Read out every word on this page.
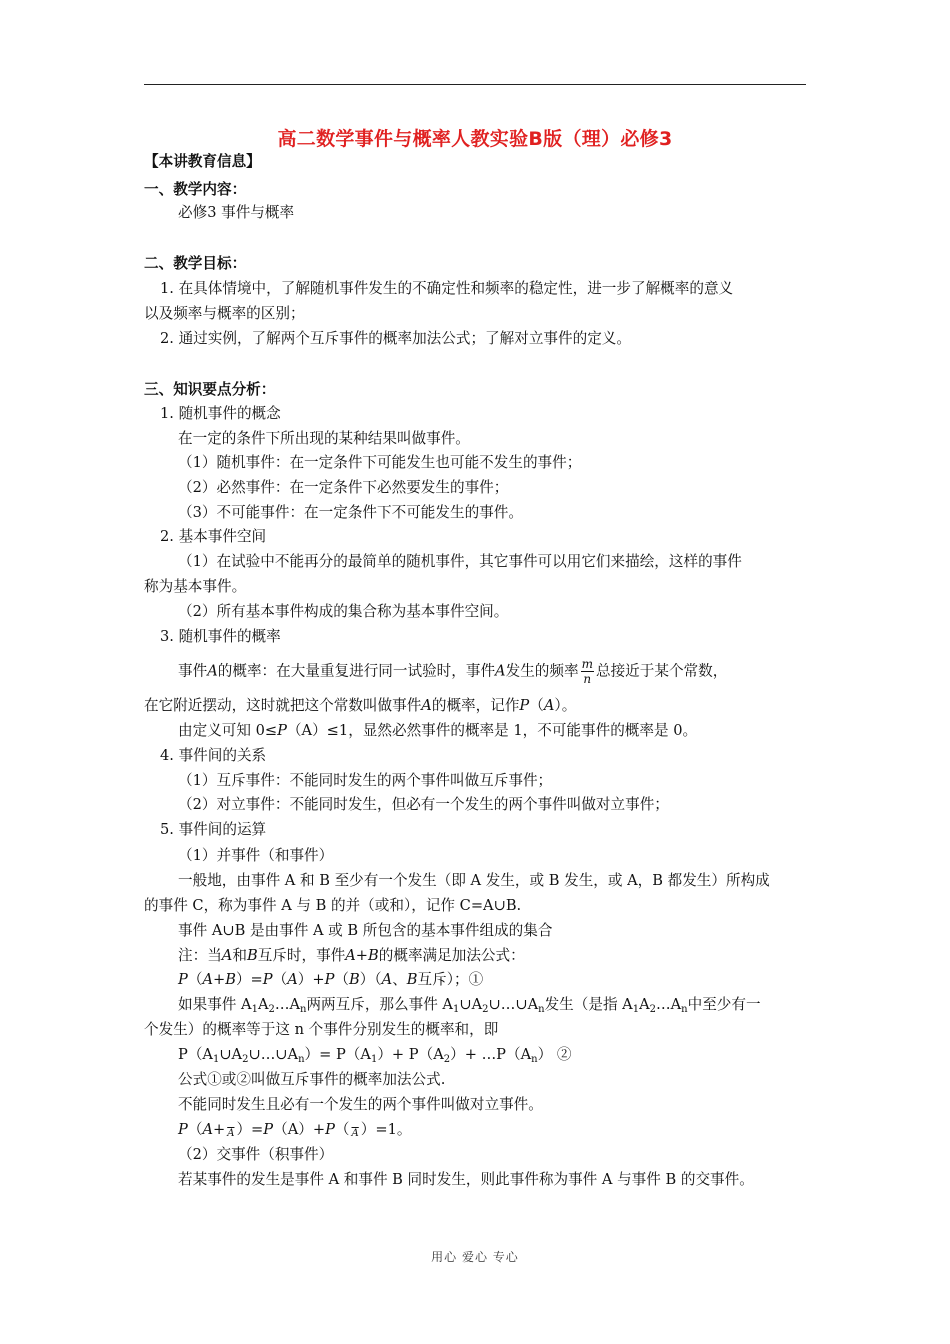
高二数学事件与概率人教实验B版（理）必修3
【本讲教育信息】
一、教学内容：
必修3 事件与概率
二、教学目标：
1. 在具体情境中，了解随机事件发生的不确定性和频率的稳定性，进一步了解概率的意义
以及频率与概率的区别；
2. 通过实例，了解两个互斥事件的概率加法公式；了解对立事件的定义。
三、知识要点分析：
1. 随机事件的概念
在一定的条件下所出现的某种结果叫做事件。
（1）随机事件：在一定条件下可能发生也可能不发生的事件；
（2）必然事件：在一定条件下必然要发生的事件；
（3）不可能事件：在一定条件下不可能发生的事件。
2. 基本事件空间
（1）在试验中不能再分的最简单的随机事件，其它事件可以用它们来描绘，这样的事件
称为基本事件。
（2）所有基本事件构成的集合称为基本事件空间。
3. 随机事件的概率
事件A的概率：在大量重复进行同一试验时，事件A发生的频率 $\frac{m}{n}$ 总接近于某个常数，
在它附近摆动，这时就把这个常数叫做事件A的概率，记作P（A）。
由定义可知 0≤P（A）≤1，显然必然事件的概率是 1，不可能事件的概率是 0。
4. 事件间的关系
（1）互斥事件：不能同时发生的两个事件叫做互斥事件；
（2）对立事件：不能同时发生，但必有一个发生的两个事件叫做对立事件；
5. 事件间的运算
（1）并事件（和事件）
一般地，由事件 A 和 B 至少有一个发生（即 A 发生，或 B 发生，或 A，B 都发生）所构成
的事件 C，称为事件 A 与 B 的并（或和），记作 C=A∪B.
事件 A∪B 是由事件 A 或 B 所包含的基本事件组成的集合
注：当A和B互斥时，事件A+B的概率满足加法公式：
P（A+B）=P（A）+P（B）（A、B互斥）；①
如果事件 $A_1A_2\dots A_n$两两互斥，那么事件 $A_1\cup A_2\cup\dots\cup A_n$发生（是指 $A_1A_2\dots A_n$中至少有一
个发生）的概率等于这 n 个事件分别发生的概率和，即
$P(A_1\cup A_2\cup\dots\cup A_n)= P(A_1)+ P(A_2)+$ $\dots P(A_n)$ ②
公式①或②叫做互斥事件的概率加法公式.
不能同时发生且必有一个发生的两个事件叫做对立事件。
$P(A+ \overline{A}$ ）=P（A）+P（ $\overline{A}$ ）=1。
（2）交事件（积事件）
若某事件的发生是事件 A 和事件 B 同时发生，则此事件称为事件 A 与事件 B 的交事件。
用心 爱心 专心
